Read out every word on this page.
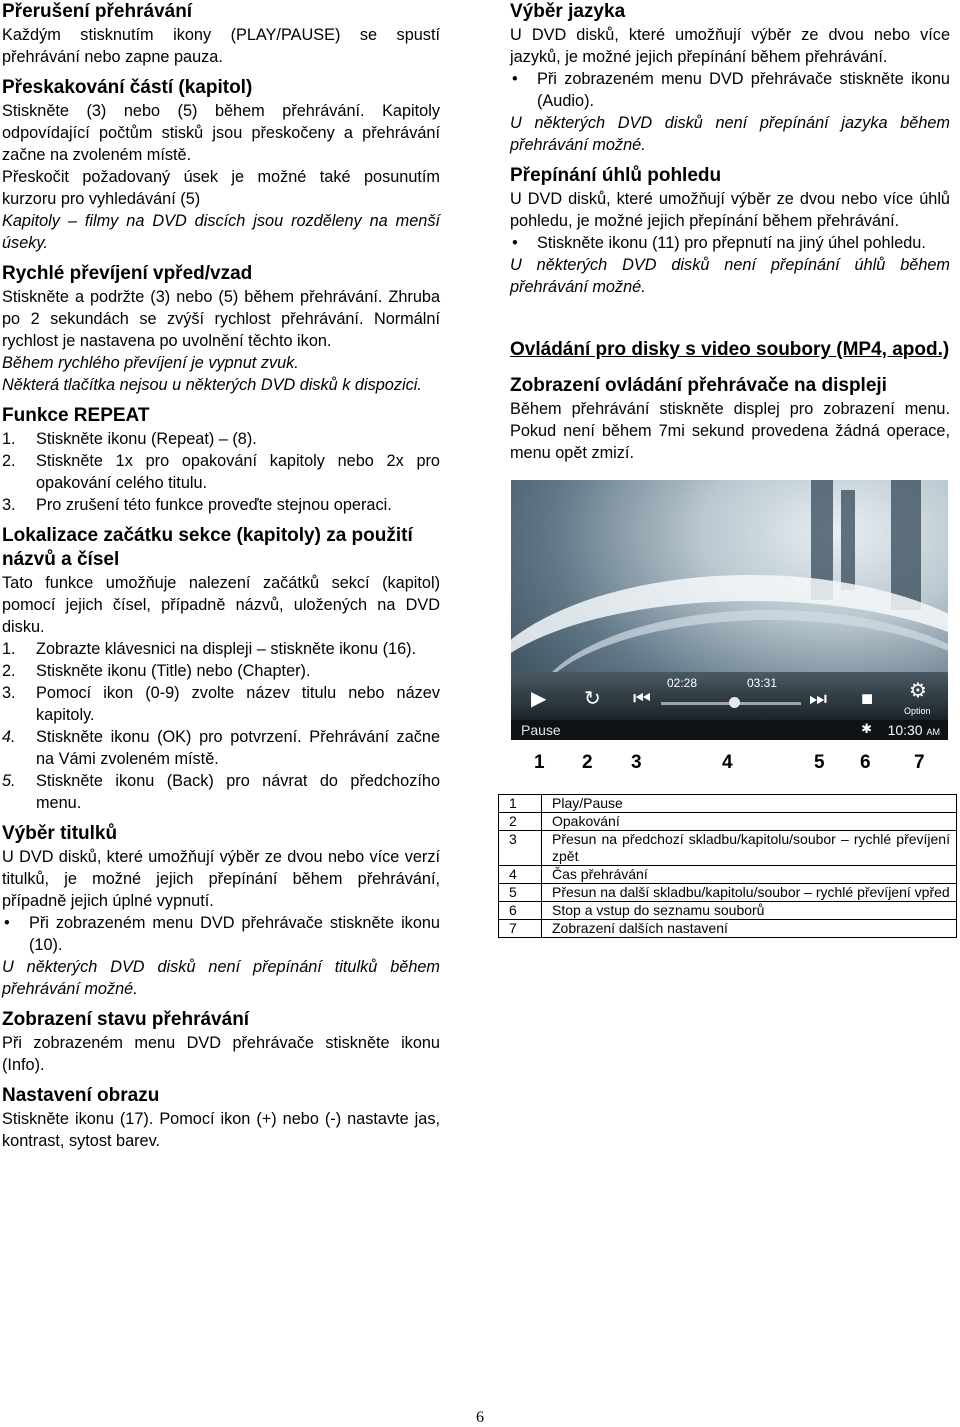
Přerušení přehrávání

Každým stisknutím ikony (PLAY/PAUSE) se spustí přehrávání nebo zapne pauza.

Přeskakování částí (kapitol)

Stiskněte (3) nebo (5) během přehrávání. Kapitoly odpovídající počtům stisků jsou přeskočeny a přehrávání začne na zvoleném místě.

Přeskočit požadovaný úsek je možné také posunutím kurzoru pro vyhledávání (5)

Kapitoly – filmy na DVD discích jsou rozděleny na menší úseky.

Rychlé převíjení vpřed/vzad

Stiskněte a podržte (3) nebo (5) během přehrávání. Zhruba po 2 sekundách se zvýší rychlost přehrávání. Normální rychlost je nastavena po uvolnění těchto ikon.

Během rychlého převíjení je vypnut zvuk.

Některá tlačítka nejsou u některých DVD disků k dispozici.

Funkce REPEAT
1. Stiskněte ikonu (Repeat) – (8).
2. Stiskněte 1x pro opakování kapitoly nebo 2x pro opakování celého titulu.
3. Pro zrušení této funkce proveďte stejnou operaci.
Lokalizace začátku sekce (kapitoly) za použití názvů a čísel

Tato funkce umožňuje nalezení začátků sekcí (kapitol) pomocí jejich čísel, případně názvů, uložených na DVD disku.

1. Zobrazte klávesnici na displeji – stiskněte ikonu (16).
2. Stiskněte ikonu (Title) nebo (Chapter).
3. Pomocí ikon (0-9) zvolte název titulu nebo název kapitoly.
4. Stiskněte ikonu (OK) pro potvrzení. Přehrávání začne na Vámi zvoleném místě.
5. Stiskněte ikonu (Back) pro návrat do předchozího menu.
Výběr titulků

U DVD disků, které umožňují výběr ze dvou nebo více verzí titulků, je možné jejich přepínání během přehrávání, případně jejich úplné vypnutí.

• Při zobrazeném menu DVD přehrávače stiskněte ikonu (10).

U některých DVD disků není přepínání titulků během přehrávání možné.

Zobrazení stavu přehrávání

Při zobrazeném menu DVD přehrávače stiskněte ikonu (Info).

Nastavení obrazu

Stiskněte ikonu (17). Pomocí ikon (+) nebo (-) nastavte jas, kontrast, sytost barev.

Výběr jazyka

U DVD disků, které umožňují výběr ze dvou nebo více jazyků, je možné jejich přepínání během přehrávání.

• Při zobrazeném menu DVD přehrávače stiskněte ikonu (Audio).

U některých DVD disků není přepínání jazyka během přehrávání možné.

Přepínání úhlů pohledu

U DVD disků, které umožňují výběr ze dvou nebo více úhlů pohledu, je možné jejich přepínání během přehrávání.

• Stiskněte ikonu (11) pro přepnutí na jiný úhel pohledu.

U některých DVD disků není přepínání úhlů během přehrávání možné.

Ovládání pro disky s video soubory (MP4, apod.)
Zobrazení ovládání přehrávače na displeji

Během přehrávání stiskněte displej pro zobrazení menu. Pokud není během 7mi sekund provedena žádná operace, menu opět zmizí.

02:28	03:31
▶ ↻ ⏮	⏭ ■ ⚙
Option
Pause	✱ 10:30 AM
1 2 3	4	5 6 7
1	Play/Pause
2	Opakování
3	Přesun na předchozí skladbu/kapitolu/soubor – rychlé převíjení zpět
4	Čas přehrávání
5	Přesun na další skladbu/kapitolu/soubor – rychlé převíjení vpřed
6	Stop a vstup do seznamu souborů
7	Zobrazení dalších nastavení
6
